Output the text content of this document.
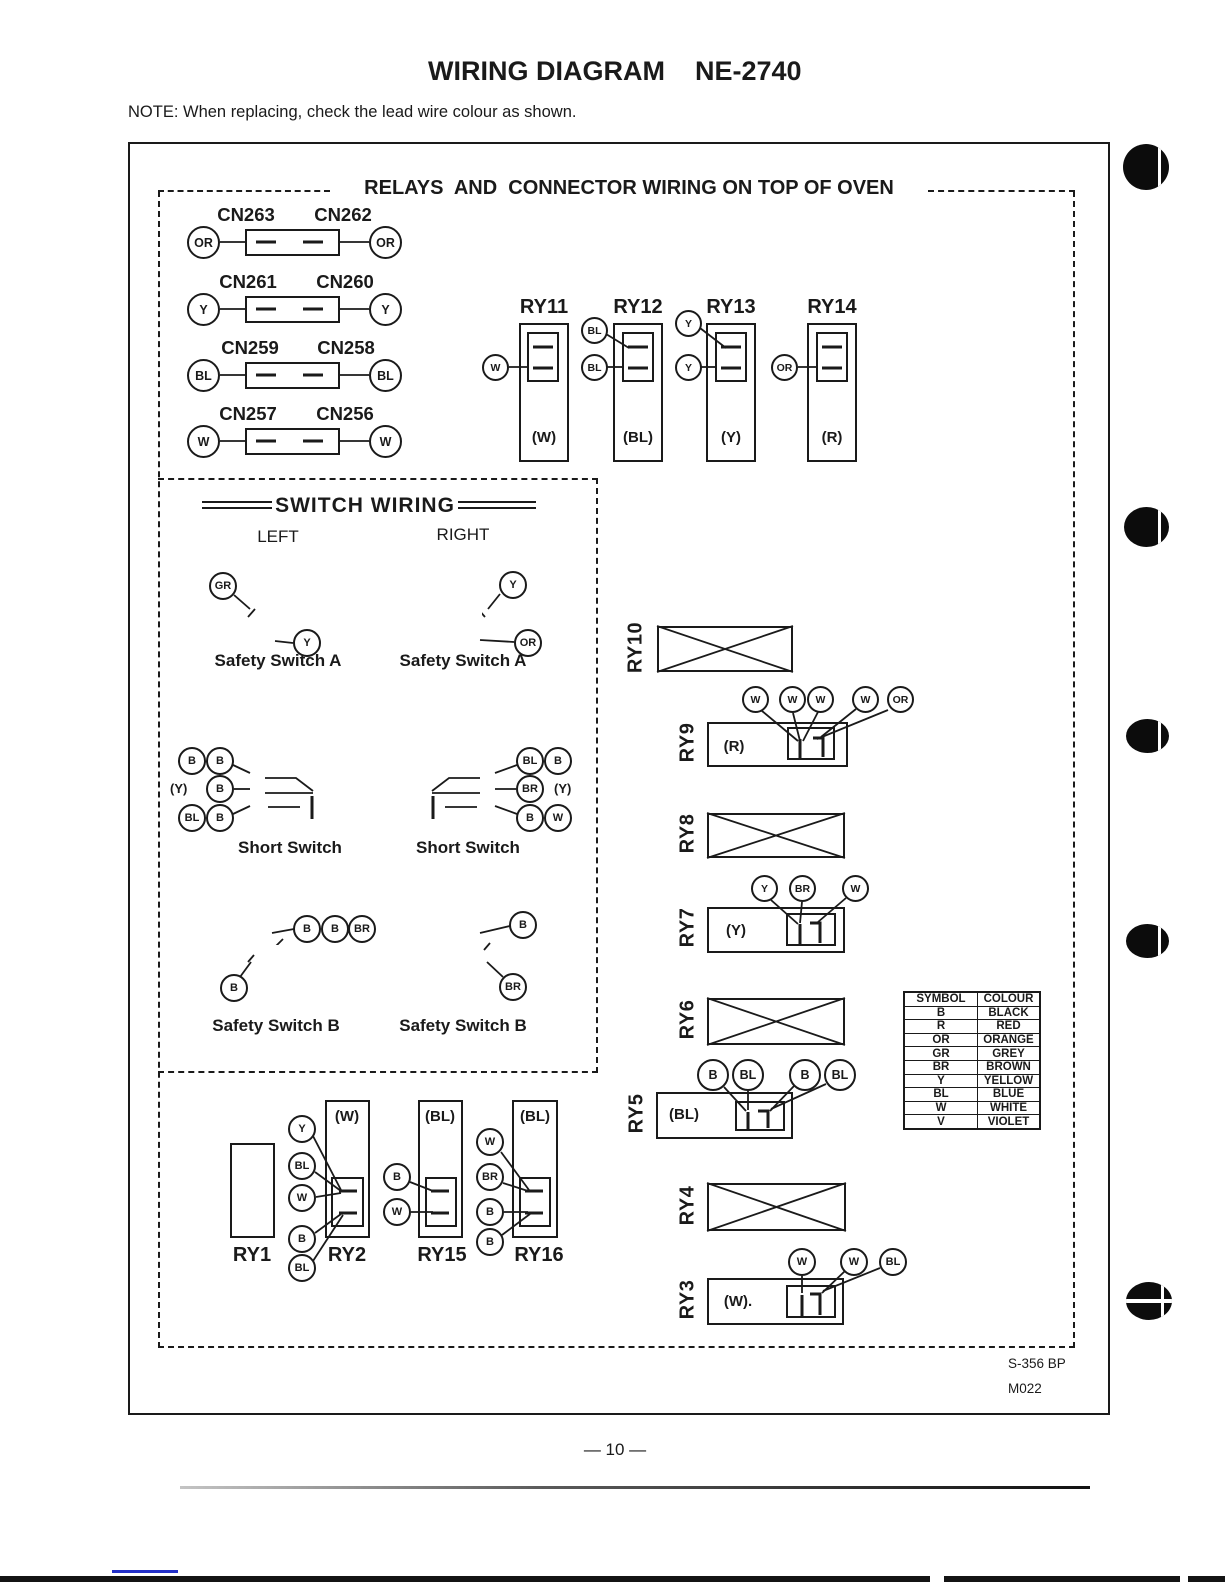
WIRING DIAGRAM NE-2740
NOTE: When replacing, check the lead wire colour as shown.
RELAYS  AND  CONNECTOR WIRING ON TOP OF OVEN
CN263 CN262
CN261 CN260
CN259 CN258
CN257 CN256
OR	OR
Y	Y
BL	BL
W	W
RY11 RY12 RY13	RY14
(W)	(BL)	(Y)	(R)
W
BL
BL
Y
Y	OR
SWITCH WIRING
LEFT	RIGHT
GR
Y
Y
OR
Safety Switch A	Safety Switch A
B	B
(Y)	B
BL	B
BL	B
BR	(Y)
B	W
Short Switch	Short Switch
B	B	BR
B
B
BR
Safety Switch B	Safety Switch B
RY10
RY9 (R)
W	W	W	W	OR
RY8
RY7 (Y)
Y	BR	W
RY6
RY5 (BL)
B	BL	B	BL
RY4
RY3 (W).
W	W	BL
RY1
(W)
RY2
Y
BL
W
B
BL
(BL)
RY15
B
W
(BL)
RY16
W
BR
B
B
SYMBOL	COLOUR
B	BLACK
R	RED
OR	ORANGE
GR	GREY
BR	BROWN
Y	YELLOW
BL	BLUE
W	WHITE
V	VIOLET
S-356 BP
M022
— 10 —
